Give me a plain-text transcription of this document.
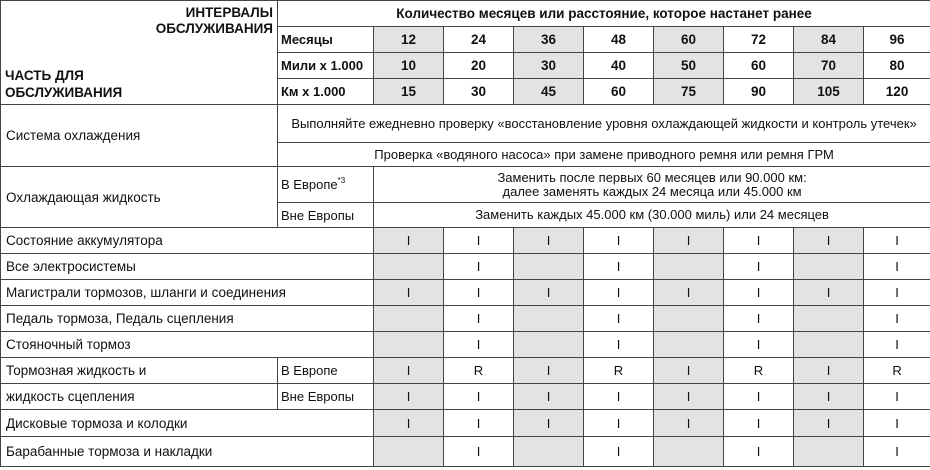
ИНТЕРВАЛЫ
ОБСЛУЖИВАНИЯ
ЧАСТЬ ДЛЯ
ОБСЛУЖИВАНИЯ	Количество месяцев или расстояние, которое настанет ранее								
	Месяцы	12	24	36	48	60	72	84	96
	Мили x 1.000	10	20	30	40	50	60	70	80
	Км x 1.000	15	30	45	60	75	90	105	120
Система охлаждения	Выполняйте ежедневно проверку «восстановление уровня охлаждающей жидкости и контроль утечек»								
	Проверка «водяного насоса» при замене приводного ремня или ремня ГРМ								
Охлаждающая жидкость	В Европе$^{*3}$	Заменить после первых 60 месяцев или 90.000 км:
далее заменять каждых 24 месяца или 45.000 км							
	Вне Европы	Заменить каждых 45.000 км (30.000 миль) или 24 месяцев							
Состояние аккумулятора		I	I	I	I	I	I	I	I
Все электросистемы			I		I		I		I
Магистрали тормозов, шланги и соединения		I	I	I	I	I	I	I	I
Педаль тормоза, Педаль сцепления			I		I		I		I
Стояночный тормоз			I		I		I		I
Тормозная жидкость и	В Европе	I	R	I	R	I	R	I	R
жидкость сцепления	Вне Европы	I	I	I	I	I	I	I	I
Дисковые тормоза и колодки		I	I	I	I	I	I	I	I
Барабанные тормоза и накладки			I		I		I		I
